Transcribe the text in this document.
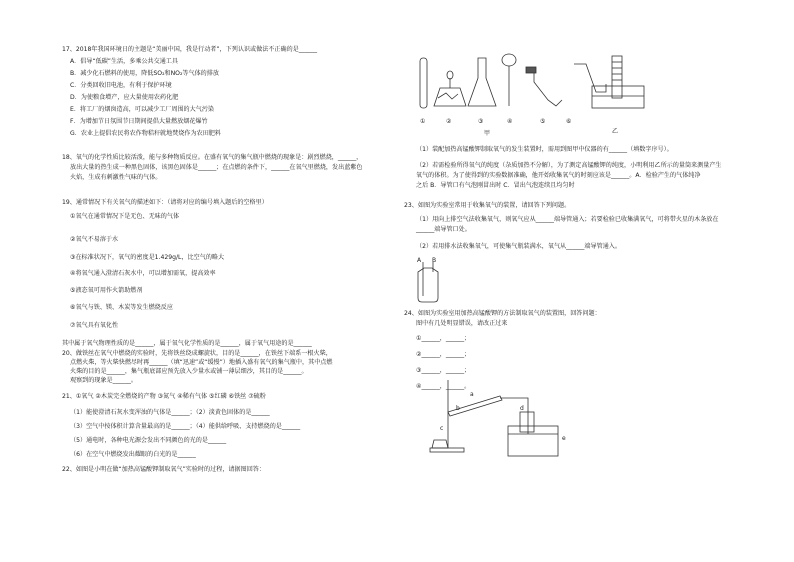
17、2018年我国环境日的主题是“美丽中国，我是行动者”，下列认识或做法不正确的是______
A．倡导“低碳”生活，多乘公共交通工具
B．减少化石燃料的使用，降低SO₂和NO₂等气体的排放
C．分类回收旧电池，有利于保护环境
D．为使粮食增产，应大量使用农药化肥
E．将工厂的烟囱造高，可以减少工厂周围的大气污染
F．为增加节日氛围节日期间提倡大量燃放烟花爆竹
G．农业上提倡农民将农作物秸秆就地焚烧作为农田肥料
18、氧气的化学性质比较活泼，能与多种物质反应。在盛有氧气的集气瓶中燃烧的现象是：剧烈燃烧，______，
放出大量的热生成一种黑色固体，该黑色固体是______；在点燃的条件下，______在氧气里燃烧，发出蓝紫色
火焰，生成有刺激性气味的气体。
19、通常情况下有关氧气的描述如下：（请将对应的编号填入题后的空格里）
①氧气在通常情况下是无色、无味的气体
②氧气不易溶于水
③在标准状况下，氧气的密度是1.429g/L，比空气的略大
④将氧气通入澄清石灰水中，可以增加需氧，提高效率
⑤液态氧可用作火箭助燃剂
⑥氧气与铁、镁、木炭等发生燃烧反应
⑦氧气具有氧化性
其中属于氧气物理性质的是______，属于氧气化学性质的是______，属于氧气用途的是______
20、做铁丝在氧气中燃烧的实验时，先将铁丝绕成螺旋状，目的是______，在铁丝下端系一根火柴，
点燃火柴，等火柴快燃尽时再______（填“迅速”或“缓慢”）地插入盛有氧气的集气瓶中，其中点燃
火柴的目的是______，集气瓶底部应预先放入少量水或铺一薄层细沙，其目的是______。
观察到的现象是______。
21、①氧气 ②木炭完全燃烧的产物 ③氮气 ④稀有气体 ⑤红磷 ⑥铁丝 ⑦硫粉
（1）能使澄清石灰水变浑浊的气体是______；（2）淡黄色固体的是______
（3）空气中按体积计算含量最高的是______；（4）能供给呼吸、支持燃烧的是______
（5）通电时，各种电光源会发出不同颜色的光的是______
（6）在空气中燃烧发出耀眼的白光的是______
22、如图是小明在做“加热高锰酸钾制取氧气”实验时的过程，请据图回答：
（1）装配加热高锰酸钾制取氧气的发生装置时，需用到图甲中仪器的有______（填数字序号）。
（2）若需检验所得氧气的纯度（杂质加热不分解），为了测定高锰酸钾的纯度，小明利用乙所示的量筒来测量产生
氧气的体积。为了使得到的实验数据准确，他开始收集氧气的时刻应该是______。A．检验产生的气体纯净
之后 B．导管口有气泡刚冒出时 C．冒出气泡连续且均匀时
23、如图为实验室常用于收集氧气的装置，请回答下列问题。
（1）用向上排空气法收集氧气，则氧气应从______端导管通入；若要检验已收集满氧气，可将带火星的木条放在
______端导管口处。
（2）若用排水法收集氧气，可使集气瓶装满水，氧气从______端导管通入。
24、如图为实验室用加热高锰酸钾的方法制取氧气的装置图，回答问题：
图中有几处明显错误，请改正过来
①______，______；
②______，______；
③______，______；
④______，______。
①	②	③	④	⑤	⑥
甲	乙
A B
a
b
c
d
e
